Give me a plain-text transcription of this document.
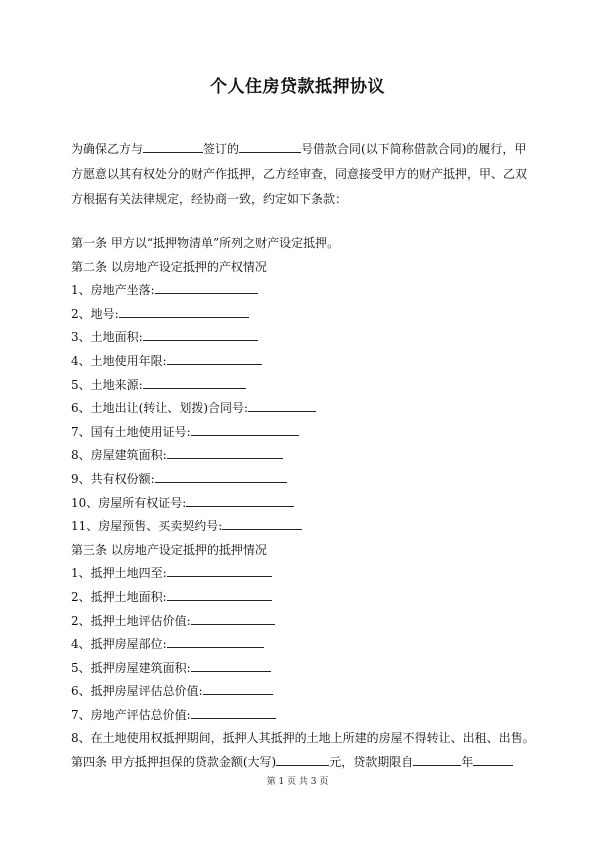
个人住房贷款抵押协议

为确保乙方与	签订的	号借款合同(以下简称借款合同)的履行，甲

方愿意以其有权处分的财产作抵押，乙方经审查，同意接受甲方的财产抵押，甲、乙双

方根据有关法律规定，经协商一致，约定如下条款：

第一条 甲方以“抵押物清单”所列之财产设定抵押。
第二条 以房地产设定抵押的产权情况
1、房地产坐落:
2、地号:
3、土地面积:
4、土地使用年限:
5、土地来源:
6、土地出让(转让、划拨)合同号:
7、国有土地使用证号:
8、房屋建筑面积:
9、共有权份额:
10、房屋所有权证号:
11、房屋预售、买卖契约号:
第三条 以房地产设定抵押的抵押情况
1、抵押土地四至:
2、抵押土地面积:
2、抵押土地评估价值:
4、抵押房屋部位:
5、抵押房屋建筑面积:
6、抵押房屋评估总价值:
7、房地产评估总价值:
8、在土地使用权抵押期间，抵押人其抵押的土地上所建的房屋不得转让、出租、出售。
第四条 甲方抵押担保的贷款金额(大写)	元，贷款期限自	年
第 1 页 共 3 页
